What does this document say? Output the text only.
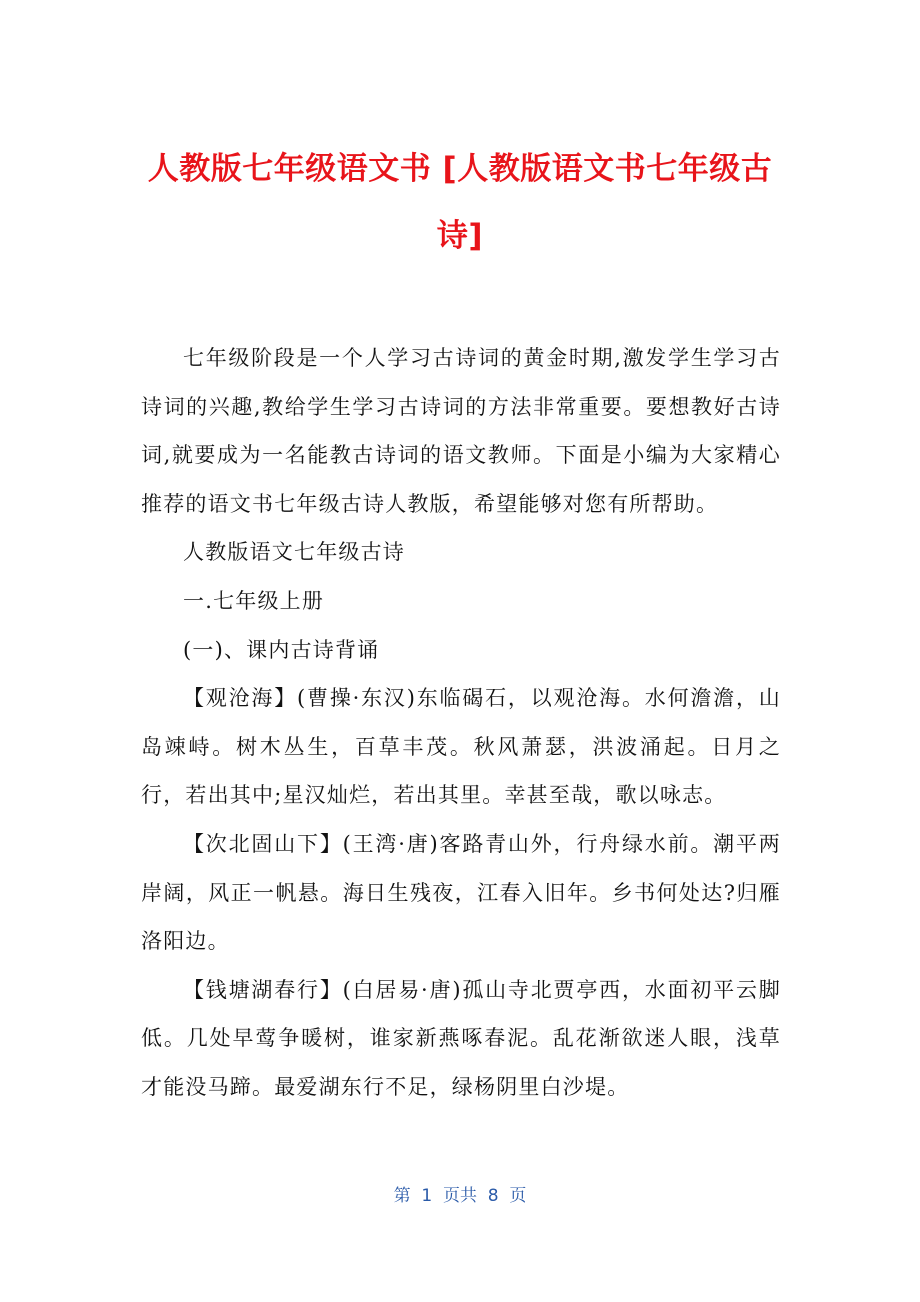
人教版七年级语文书 [人教版语文书七年级古诗]

七年级阶段是一个人学习古诗词的黄金时期,激发学生学习古诗词的兴趣,教给学生学习古诗词的方法非常重要。要想教好古诗词,就要成为一名能教古诗词的语文教师。下面是小编为大家精心推荐的语文书七年级古诗人教版，希望能够对您有所帮助。

人教版语文七年级古诗

一.七年级上册

(一)、课内古诗背诵

【观沧海】(曹操·东汉)东临碣石，以观沧海。水何澹澹，山岛竦峙。树木丛生，百草丰茂。秋风萧瑟，洪波涌起。日月之行，若出其中;星汉灿烂，若出其里。幸甚至哉，歌以咏志。

【次北固山下】(王湾·唐)客路青山外，行舟绿水前。潮平两岸阔，风正一帆悬。海日生残夜，江春入旧年。乡书何处达?归雁洛阳边。

【钱塘湖春行】(白居易·唐)孤山寺北贾亭西，水面初平云脚低。几处早莺争暖树，谁家新燕啄春泥。乱花渐欲迷人眼，浅草才能没马蹄。最爱湖东行不足，绿杨阴里白沙堤。

第  1  页共  8  页
